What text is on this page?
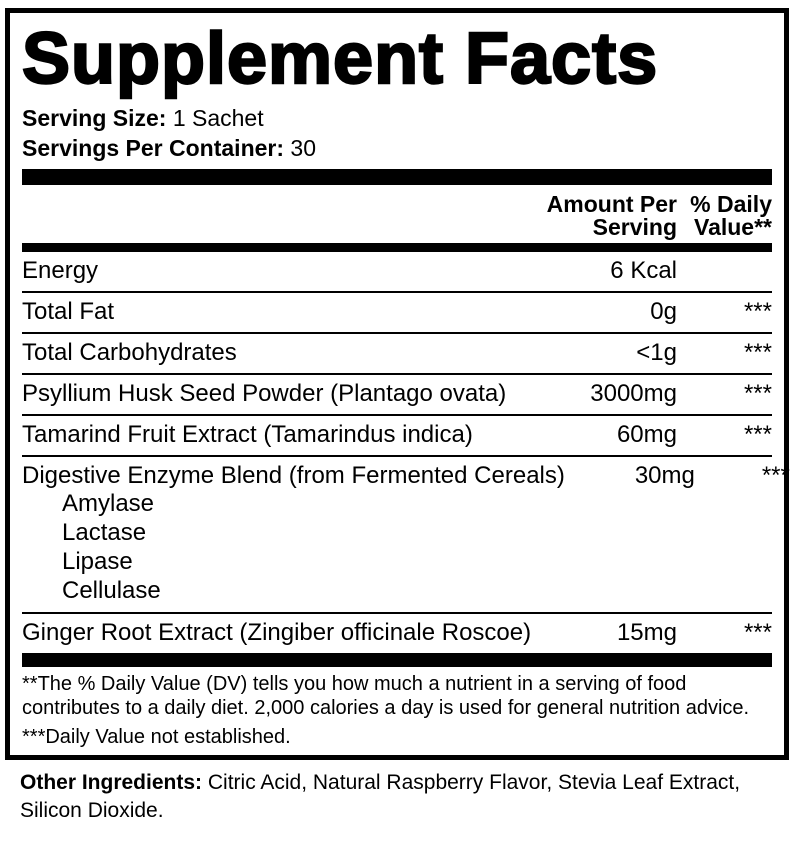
Supplement Facts
Serving Size: 1 Sachet
Servings Per Container: 30
Amount Per
Serving
% Daily
Value**
Energy	6 Kcal
Total Fat	0g	***
Total Carbohydrates	<1g	***
Psyllium Husk Seed Powder (Plantago ovata)	3000mg	***
Tamarind Fruit Extract (Tamarindus indica)	60mg	***
Digestive Enzyme Blend (from Fermented Cereals)	30mg	***
Amylase
Lactase
Lipase
Cellulase
Ginger Root Extract (Zingiber officinale Roscoe)	15mg	***
**The % Daily Value (DV) tells you how much a nutrient in a serving of food contributes to a daily diet. 2,000 calories a day is used for general nutrition advice.
***Daily Value not established.
Other Ingredients: Citric Acid, Natural Raspberry Flavor, Stevia Leaf Extract, Silicon Dioxide.
